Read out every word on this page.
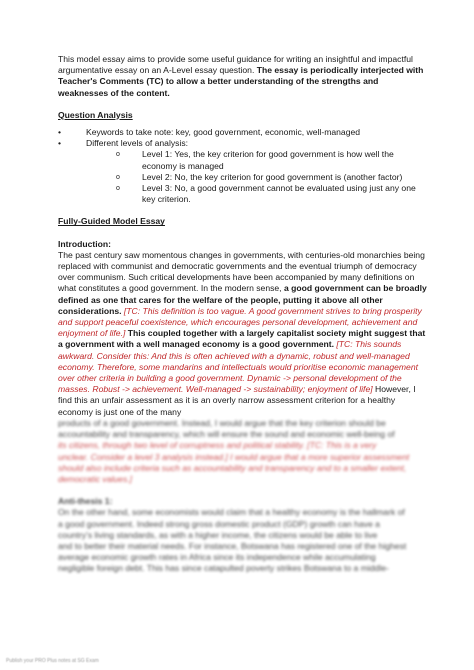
This model essay aims to provide some useful guidance for writing an insightful and impactful argumentative essay on an A-Level essay question. The essay is periodically interjected with Teacher's Comments (TC) to allow a better understanding of the strengths and weaknesses of the content.

Question Analysis

• Keywords to take note: key, good government, economic, well-managed
• Different levels of analysis:
o Level 1: Yes, the key criterion for good government is how well the economy is managed
o Level 2: No, the key criterion for good government is (another factor)
o Level 3: No, a good government cannot be evaluated using just any one key criterion.

Fully-Guided Model Essay

Introduction:

The past century saw momentous changes in governments, with centuries-old monarchies being replaced with communist and democratic governments and the eventual triumph of democracy over communism. Such critical developments have been accompanied by many definitions on what constitutes a good government. In the modern sense, a good government can be broadly defined as one that cares for the welfare of the people, putting it above all other considerations. [TC: This definition is too vague. A good government strives to bring prosperity and support peaceful coexistence, which encourages personal development, achievement and enjoyment of life.] This coupled together with a largely capitalist society might suggest that a government with a well managed economy is a good government. [TC: This sounds awkward. Consider this: And this is often achieved with a dynamic, robust and well-managed economy. Therefore, some mandarins and intellectuals would prioritise economic management over other criteria in building a good government. Dynamic -> personal development of the masses. Robust -> achievement. Well-managed -> sustainability; enjoyment of life] However, I find this an unfair assessment as it is an overly narrow assessment criterion for a healthy economy is just one of the many

products of a good government. Instead, I would argue that the key criterion should be

accountability and transparency, which will ensure the sound and economic well-being of

its citizens, through two level of corruptness and political stability. [TC: This is a very

unclear. Consider a level 3 analysis instead.] I would argue that a more superior assessment

should also include criteria such as accountability and transparency and to a smaller extent,

democratic values.]

Anti-thesis 1:

On the other hand, some economists would claim that a healthy economy is the hallmark of

a good government. Indeed strong gross domestic product (GDP) growth can have a

country's living standards, as with a higher income, the citizens would be able to live

and to better their material needs. For instance, Botswana has registered one of the highest

average economic growth rates in Africa since its independence while accumulating

negligible foreign debt. This has since catapulted poverty strikes Botswana to a middle-

Publish your PRO Plus notes at SG Exam
